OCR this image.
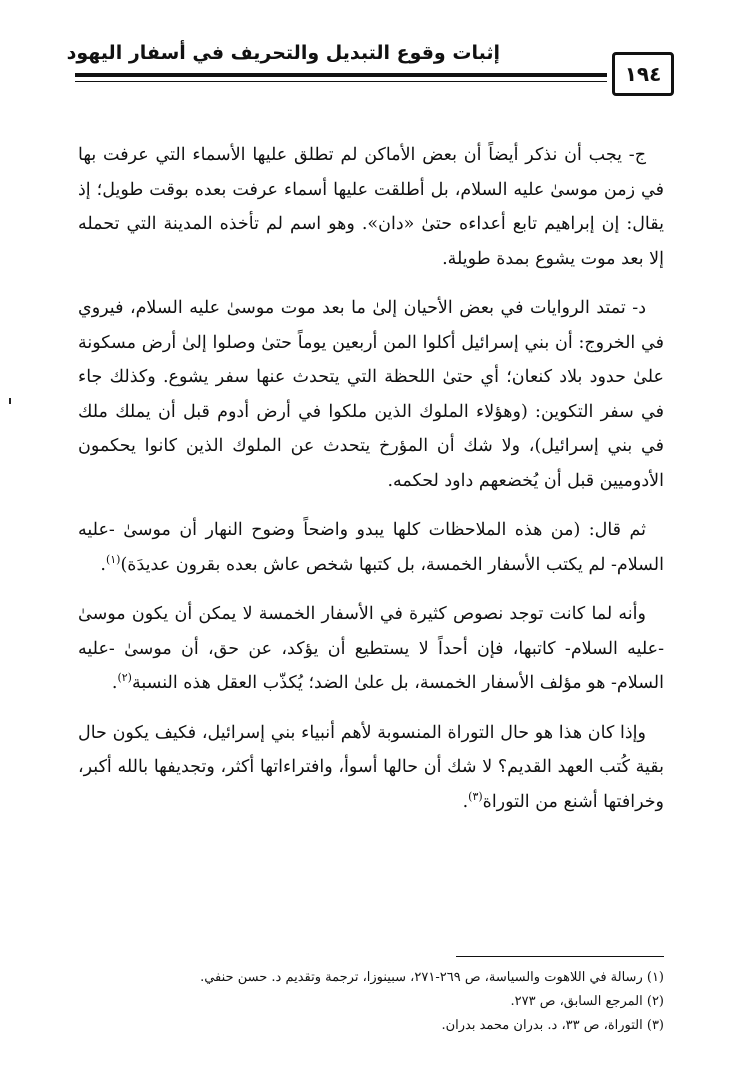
إثبات وقوع التبديل والتحريف في أسفار اليهود
١٩٤

ج- يجب أن نذكر أيضاً أن بعض الأماكن لم تطلق عليها الأسماء التي عرفت بها في زمن موسىٰ عليه السلام، بل أطلقت عليها أسماء عرفت بعده بوقت طويل؛ إذ يقال: إن إبراهيم تابع أعداءه حتىٰ «دان». وهو اسم لم تأخذه المدينة التي تحمله إلا بعد موت يشوع بمدة طويلة.

د- تمتد الروايات في بعض الأحيان إلىٰ ما بعد موت موسىٰ عليه السلام، فيروي في الخروج: أن بني إسرائيل أكلوا المن أربعين يوماً حتىٰ وصلوا إلىٰ أرض مسكونة علىٰ حدود بلاد كنعان؛ أي حتىٰ اللحظة التي يتحدث عنها سفر يشوع. وكذلك جاء في سفر التكوين: (وهؤلاء الملوك الذين ملكوا في أرض أدوم قبل أن يملك ملك في بني إسرائيل)، ولا شك أن المؤرخ يتحدث عن الملوك الذين كانوا يحكمون الأدوميين قبل أن يُخضعهم داود لحكمه.

ثم قال: (من هذه الملاحظات كلها يبدو واضحاً وضوح النهار أن موسىٰ -عليه السلام- لم يكتب الأسفار الخمسة، بل كتبها شخص عاش بعده بقرون عديدَة)$^{(١)}$.

وأنه لما كانت توجد نصوص كثيرة في الأسفار الخمسة لا يمكن أن يكون موسىٰ -عليه السلام- كاتبها، فإن أحداً لا يستطيع أن يؤكد، عن حق، أن موسىٰ -عليه السلام- هو مؤلف الأسفار الخمسة، بل علىٰ الضد؛ يُكذّب العقل هذه النسبة$^{(٢)}$.

وإذا كان هذا هو حال التوراة المنسوبة لأهم أنبياء بني إسرائيل، فكيف يكون حال بقية كُتب العهد القديم؟ لا شك أن حالها أسوأ، وافتراءاتها أكثر، وتجديفها بالله أكبر، وخرافتها أشنع من التوراة$^{(٣)}$.

(١) رسالة في اللاهوت والسياسة، ص ٢٦٩-٢٧١، سبينوزا، ترجمة وتقديم د. حسن حنفي.

(٢) المرجع السابق، ص ٢٧٣.

(٣) التوراة، ص ٣٣، د. بدران محمد بدران.
